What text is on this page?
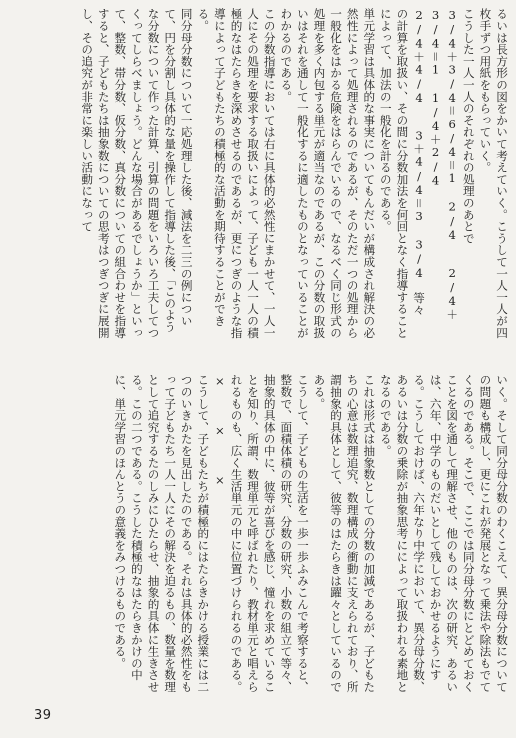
るいは長方形の図をかいて考えていく。こうして一人一人が四枚手ずつ用紙をもらっていく。
こうした一人一人のそれぞれの処理のあとで
3/4＋3/4＝6/4＝1 2/4　　2/4＋3/4＝1 1/4＋2/4
2/4＋4/4　　3＋4/4＝3 3/4　等々
の計算を取扱い、その間に分数加法を何回となく指導することによって、加法の一般化を計るのである。
単元学習は具体的な事実についてもんだいが構成され解決の必然性によって処理されるのであるが、そのただ一つの処理から一般化をはかる危険をはらんでいるので、なるべく同じ形式の処理を多く内包する単元が適当なのであるが、この分数の取扱いはそれを通して一般化するに適したものとなっていることがわかるのである。
この分数指導においては右に具体的必然性にまかせて、一人一人にその処理を要求する取扱いによって、子ども一人一人の積極的なはたらきを深めさせるのであるが、更につぎのような指導によって子どもたちの積極的な活動を期待することができる。
同分母分数について一応処理した後、減法を二三の例について、円を分割し具体的な量を操作して指導した後、「このような分数について作った計算、引算の問題をいろいろ工夫してつくってしらべましょう。どんな場合があるでしょうか」といって、整数、帯分数、仮分数、真分数についての組合わせを指導すると、子どもたちは抽象数についての思考はつぎつぎに展開し、その追究が非常に楽しい活動になって
いく。そして同分母分数のわくこえて、異分母分数についての問題も構成し、更にこれが発展となって乗法や除法もでてくるのである。そこで、ここでは同分母分数にとどめておくことを図を通して理解させ、他のものは、次の研究、あるいは、六年、中学のものだいとして残しておかせるようにする。こうしておけば、六年なり中学において、異分母分数、あるいは分数の乗除が抽象思考にによって取扱われる素地となるのである。
これは形式は抽象数としての分数の加減であるが、子どもたちの心意は数理追究、数理構成の衝動に支えられており、所謂抽象的具体として、彼等のはたらきは躍々としているのである。
こうして、子どもの生活を一歩一歩ふみこんで考察すると、整数で、面積体積の研究、分数の研究、小数の組立て等々、抽象的具体の中に、彼等が喜びを感じ、憧れを求めていることを知り、所謂、数理単元と呼ばれたり、教材単元と唱えられるものも、広く生活単元の中に位置づけられるのである。
×　　　×　　　×
こうして、子どもたちが積極的にはたらきかける授業には二つのいきかたを見出したのである。それは具体的必然性をもって子どもたち一人一人にその解決を迫るもの、数量を数理として追究するたのしみにひたらせ、抽象的具体に生きさせる。この二つである。こうした積極的なはたらきかけの中に、単元学習のほんとうの意義をみつけるものである。
39
